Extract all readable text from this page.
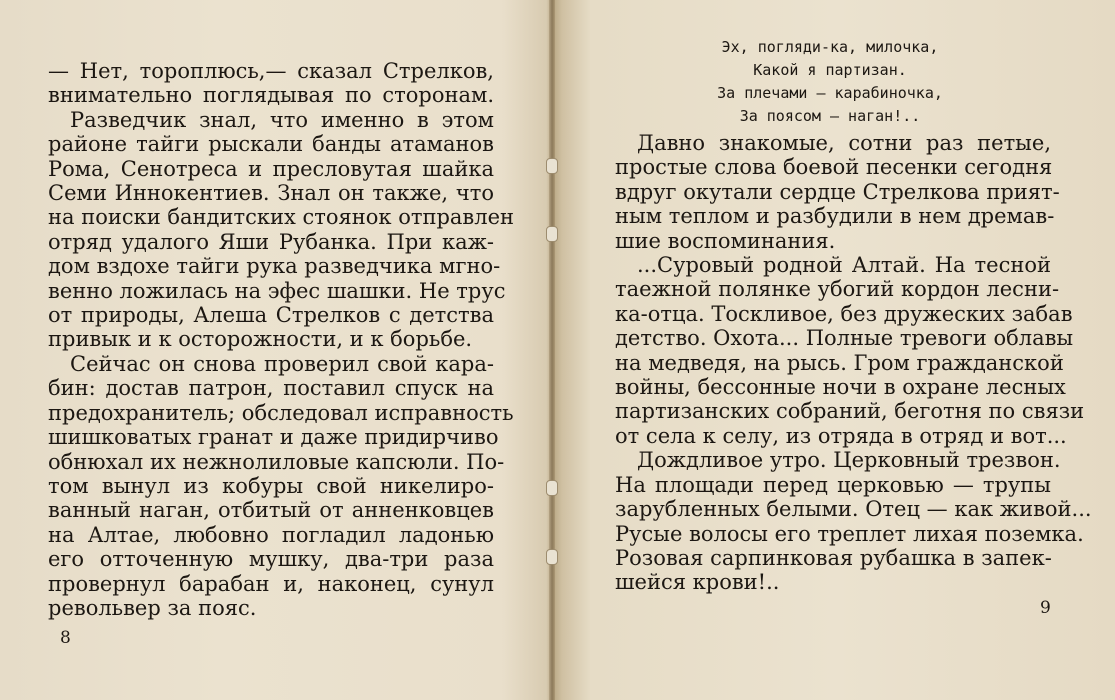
— Нет, тороплюсь,— сказал Стрелков,
внимательно поглядывая по сторонам.
Разведчик знал, что именно в этом
районе тайги рыскали банды атаманов
Рома, Сенотреса и пресловутая шайка
Семи Иннокентиев. Знал он также, что
на поиски бандитских стоянок отправлен
отряд удалого Яши Рубанка. При каж-
дом вздохе тайги рука разведчика мгно-
венно ложилась на эфес шашки. Не трус
от природы, Алеша Стрелков с детства
привык и к осторожности, и к борьбе.
Сейчас он снова проверил свой кара-
бин: достав патрон, поставил спуск на
предохранитель; обследовал исправность
шишковатых гранат и даже придирчиво
обнюхал их нежнолиловые капсюли. По-
том вынул из кобуры свой никелиро-
ванный наган, отбитый от анненковцев
на Алтае, любовно погладил ладонью
его отточенную мушку, два-три раза
провернул барабан и, наконец, сунул
револьвер за пояс.
8
Эх, погляди-ка, милочка,
Какой я партизан.
За плечами — карабиночка,
За поясом — наган!..
Давно знакомые, сотни раз петые,
простые слова боевой песенки сегодня
вдруг окутали сердце Стрелкова прият-
ным теплом и разбудили в нем дремав-
шие воспоминания.
...Суровый родной Алтай. На тесной
таежной полянке убогий кордон лесни-
ка-отца. Тоскливое, без дружеских забав
детство. Охота... Полные тревоги облавы
на медведя, на рысь. Гром гражданской
войны, бессонные ночи в охране лесных
партизанских собраний, беготня по связи
от села к селу, из отряда в отряд и вот...
Дождливое утро. Церковный трезвон.
На площади перед церковью — трупы
зарубленных белыми. Отец — как живой...
Русые волосы его треплет лихая поземка.
Розовая сарпинковая рубашка в запек-
шейся крови!..
9
